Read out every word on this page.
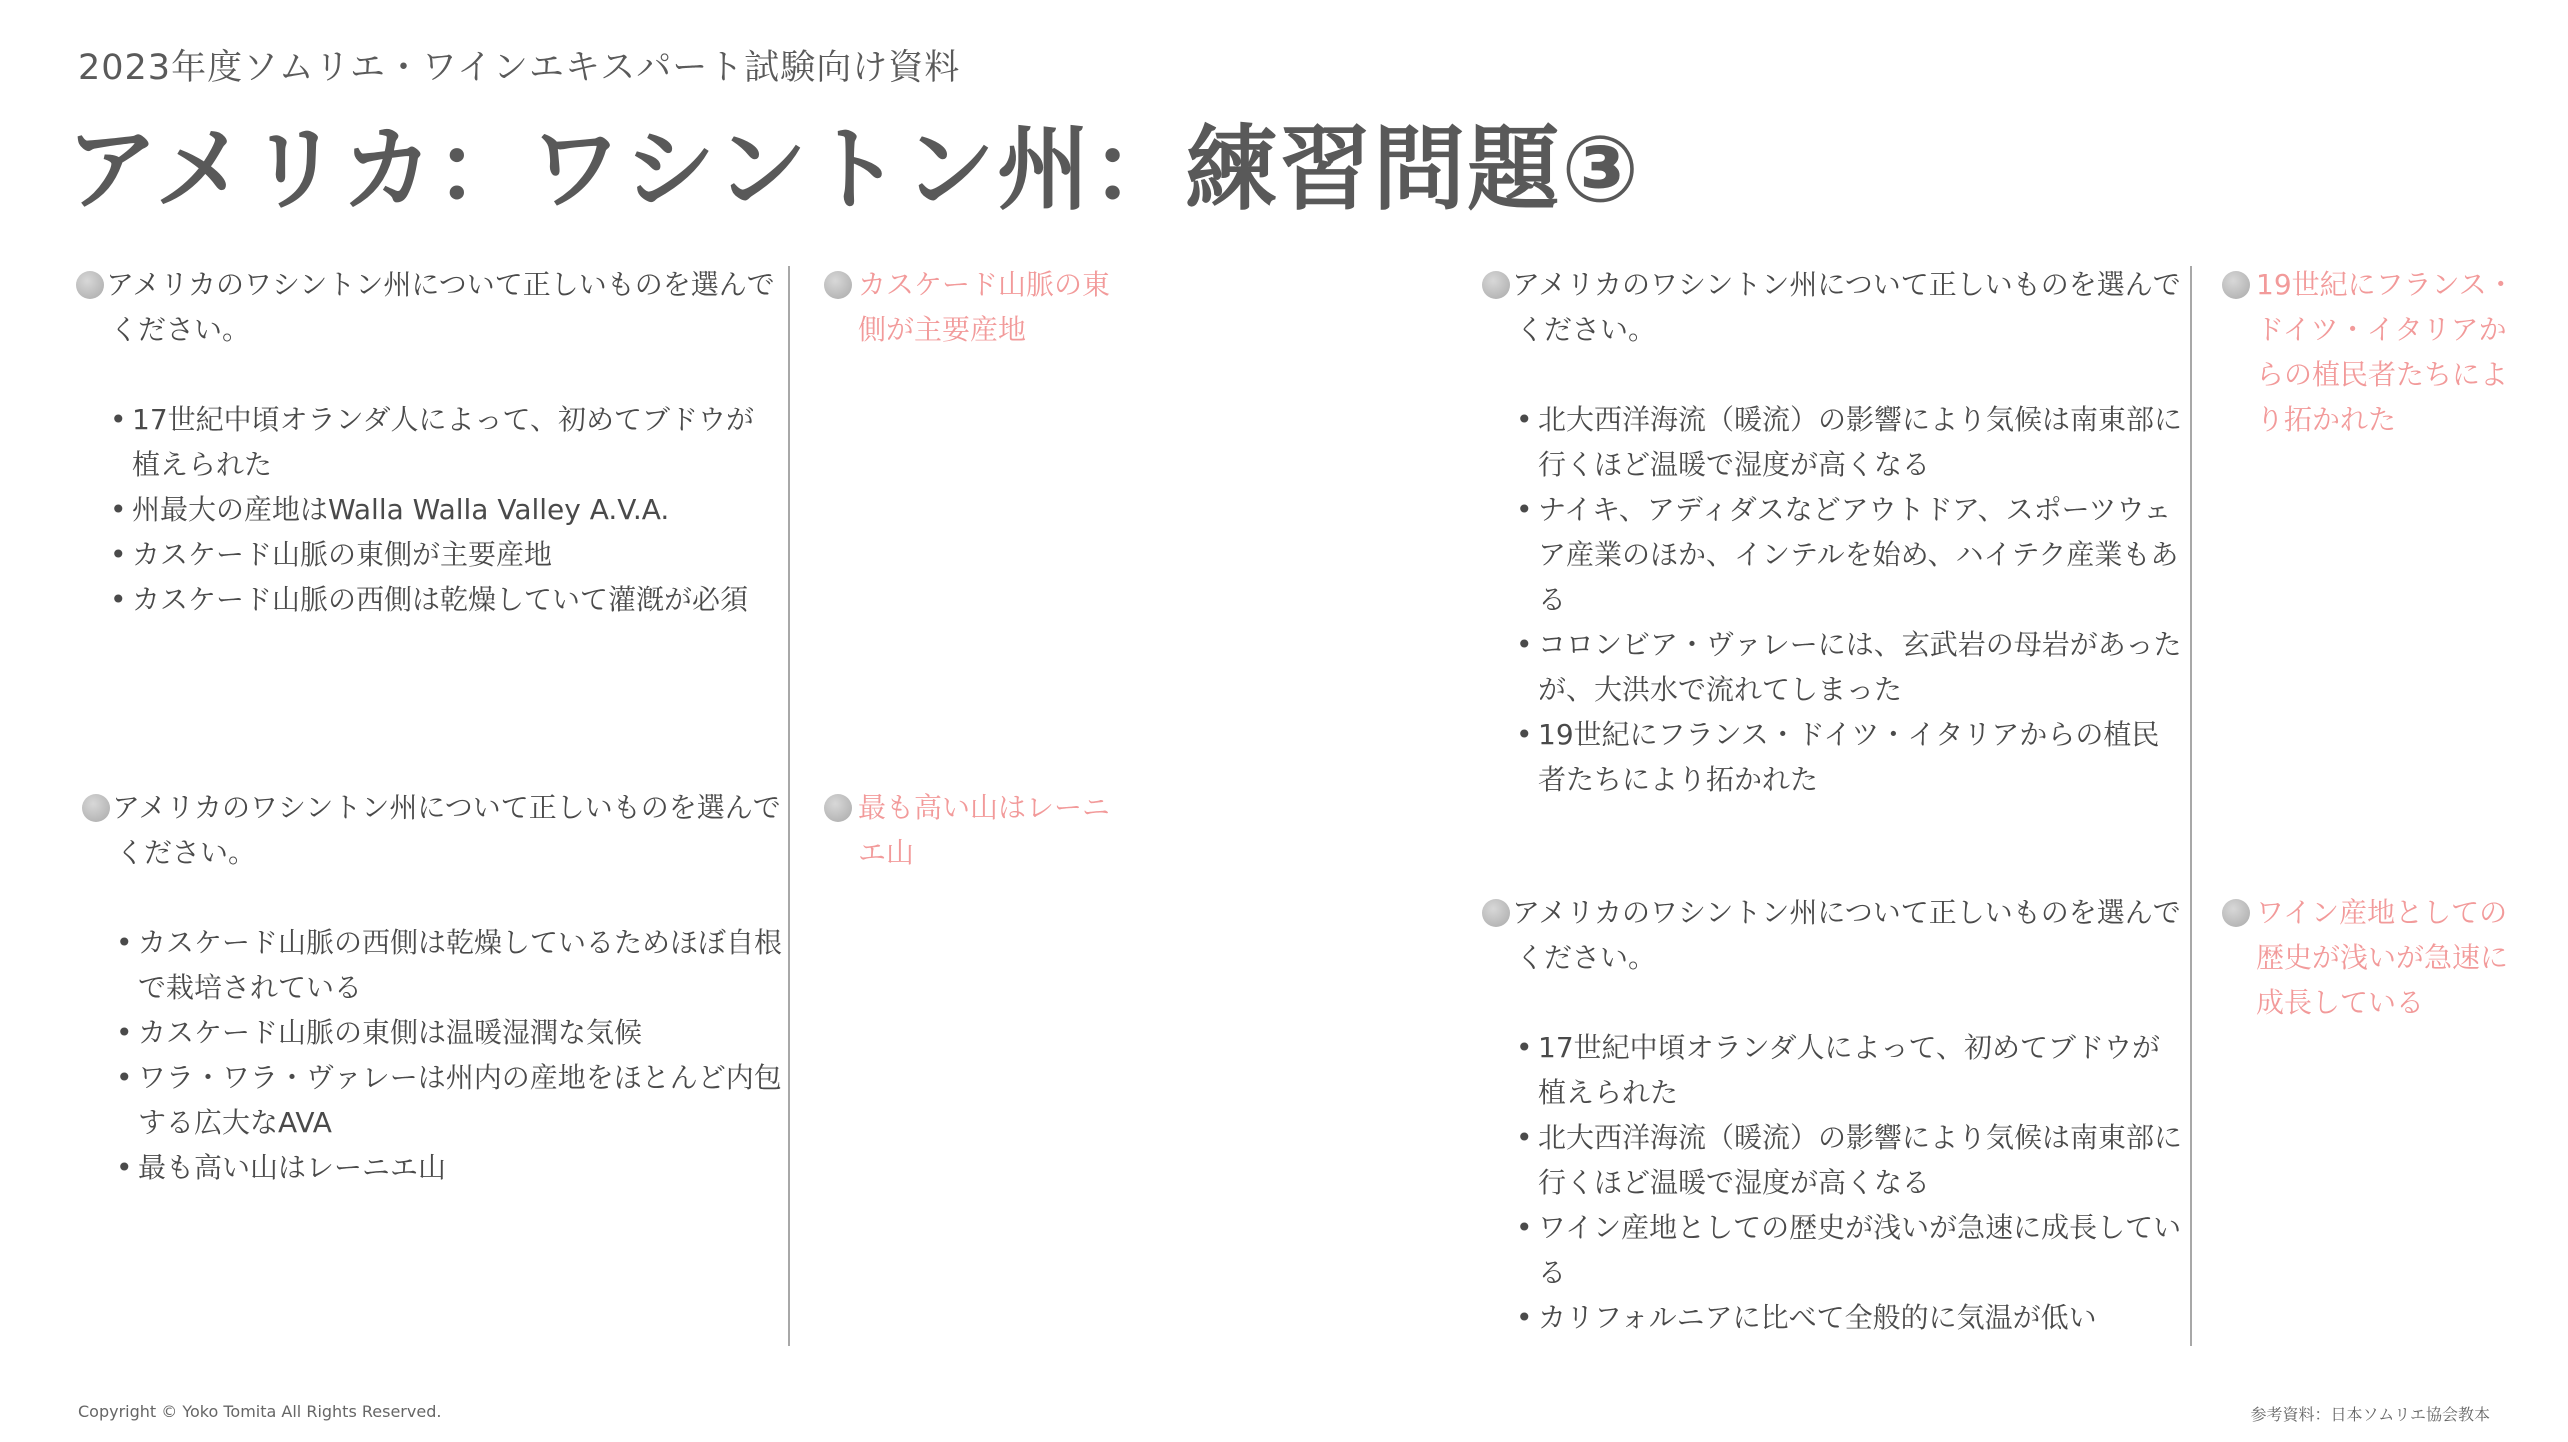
2023年度ソムリエ・ワインエキスパート試験向け資料
アメリカ：ワシントン州：練習問題③
アメリカのワシントン州について正しいものを選んでください。
• 17世紀中頃オランダ人によって、初めてブドウが植えられた
• 州最大の産地はWalla Walla Valley A.V.A.
• カスケード山脈の東側が主要産地
• カスケード山脈の西側は乾燥していて灌漑が必須
カスケード山脈の東側が主要産地
アメリカのワシントン州について正しいものを選んでください。
• カスケード山脈の西側は乾燥しているためほぼ自根で栽培されている
• カスケード山脈の東側は温暖湿潤な気候
• ワラ・ワラ・ヴァレーは州内の産地をほとんど内包する広大なAVA
• 最も高い山はレーニエ山
最も高い山はレーニエ山
アメリカのワシントン州について正しいものを選んでください。
• 北大西洋海流（暖流）の影響により気候は南東部に行くほど温暖で湿度が高くなる
• ナイキ、アディダスなどアウトドア、スポーツウェア産業のほか、インテルを始め、ハイテク産業もある
• コロンビア・ヴァレーには、玄武岩の母岩があったが、大洪水で流れてしまった
• 19世紀にフランス・ドイツ・イタリアからの植民者たちにより拓かれた
19世紀にフランス・ドイツ・イタリアからの植民者たちにより拓かれた
アメリカのワシントン州について正しいものを選んでください。
• 17世紀中頃オランダ人によって、初めてブドウが植えられた
• 北大西洋海流（暖流）の影響により気候は南東部に行くほど温暖で湿度が高くなる
• ワイン産地としての歴史が浅いが急速に成長している
• カリフォルニアに比べて全般的に気温が低い
ワイン産地としての歴史が浅いが急速に成長している
Copyright © Yoko Tomita All Rights Reserved.	参考資料：日本ソムリエ協会教本
